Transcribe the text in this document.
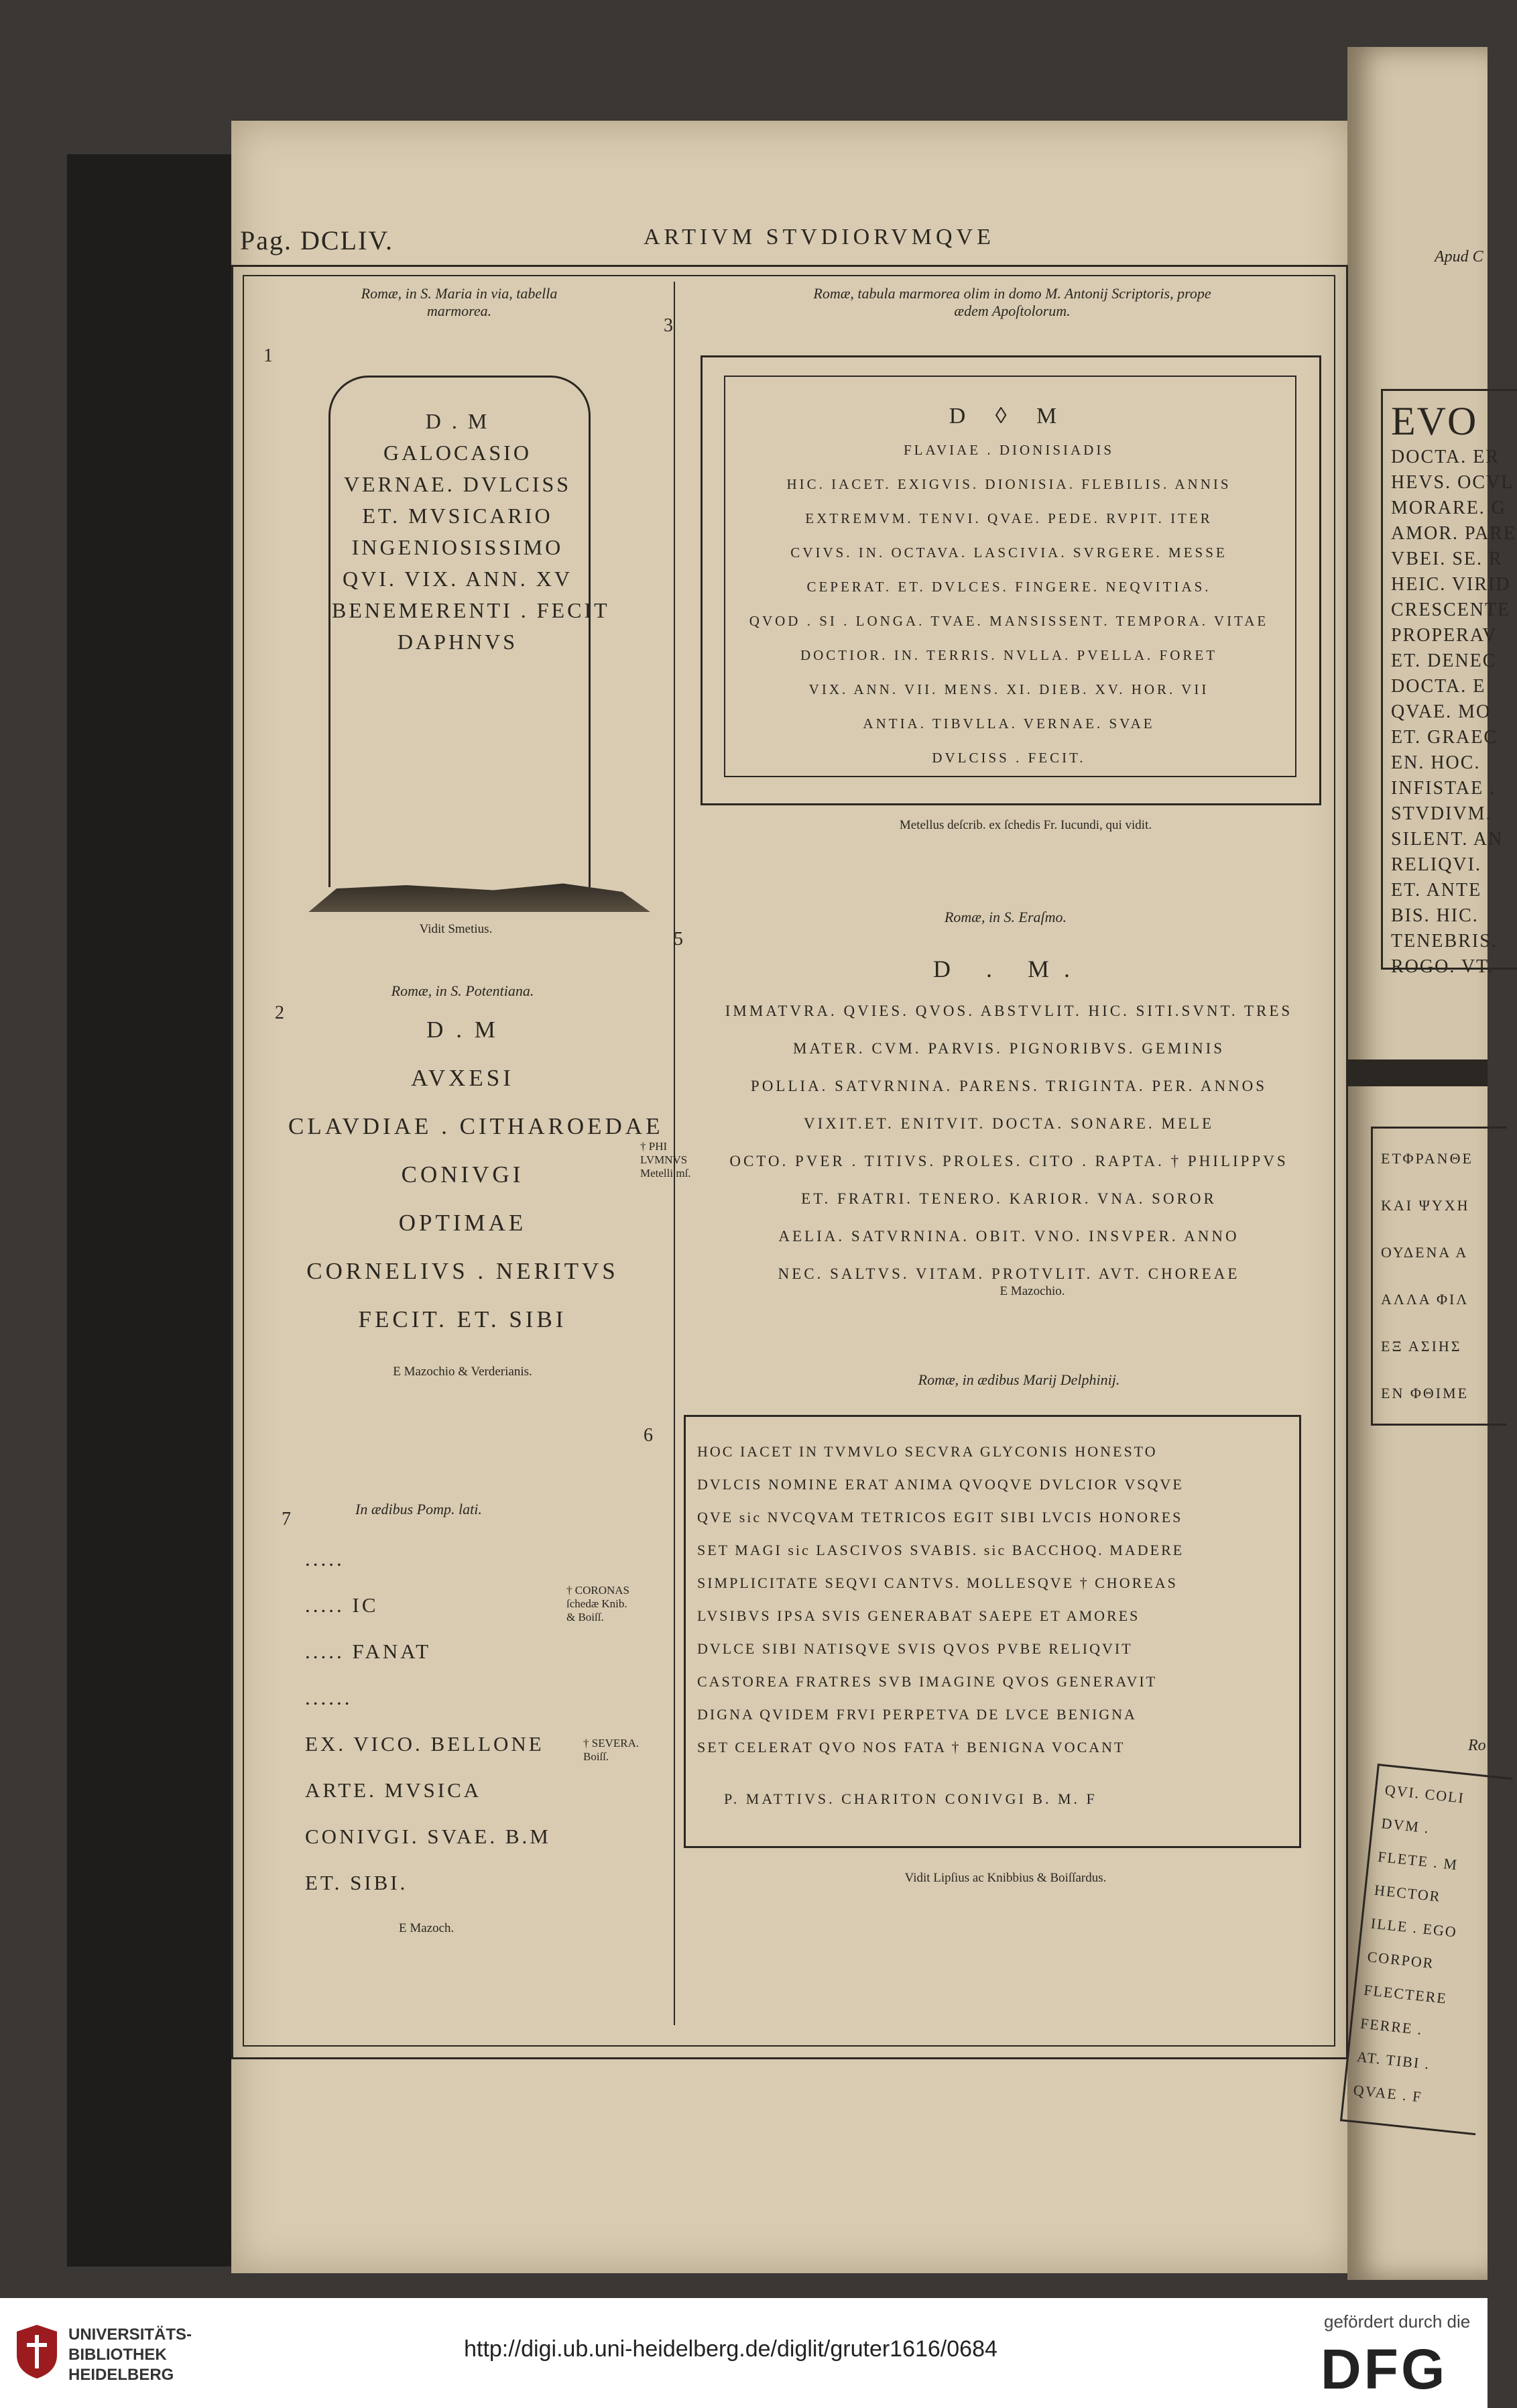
Apud C
EVO
DOCTA. ER
HEVS. OCVL
MORARE. G
AMOR. PARE
VBEI. SE. R
HEIC. VIRID
CRESCENTE
PROPERAV
ET. DENEC
DOCTA. E
QVAE. MO
ET. GRAEC
EN. HOC.
INFISTAE .
STVDIVM.
SILENT. AN
RELIQVI.
ET. ANTE
BIS. HIC.
TENEBRIS.
ROGO. VT.
ΕΤΦΡΑΝΘΕ
ΚΑΙ ΨΥΧΗ
ΟΥΔΕΝΑ Α
ΑΛΛΑ ΦΙΛ
ΕΞ ΑΣΙΗΣ
ΕΝ ΦΘΙΜΕ
Ro
QVI. COLI
DVM .
FLETE . M
HECTOR
ILLE . EGO
CORPOR
FLECTERE
FERRE .
AT. TIBI .
QVAE . F
Pag. DCLIV.	ARTIVM STVDIORVMQVE
1
Romæ, in S. Maria in via, tabella
marmorea.
D . M
GALOCASIO
VERNAE. DVLCISS
ET. MVSICARIO
INGENIOSISSIMO
QVI. VIX. ANN. XV
BENEMERENTI . FECIT
DAPHNVS
Vidit Smetius.
2
Romæ, in S. Potentiana.
D . M
AVXESI
CLAVDIAE . CITHAROEDAE
CONIVGI
OPTIMAE
CORNELIVS . NERITVS
FECIT. ET. SIBI
† PHI
LVMNVS
Metelli mſ.
E Mazochio & Verderianis.
3
Romæ, tabula marmorea olim in domo M. Antonij Scriptoris, prope
ædem Apoſtolorum.
D ◊ M
FLAVIAE . DIONISIADIS
HIC. IACET. EXIGVIS. DIONISIA. FLEBILIS. ANNIS
EXTREMVM. TENVI. QVAE. PEDE. RVPIT. ITER
CVIVS. IN. OCTAVA. LASCIVIA. SVRGERE. MESSE
CEPERAT. ET. DVLCES. FINGERE. NEQVITIAS.
QVOD . SI . LONGA. TVAE. MANSISSENT. TEMPORA. VITAE
DOCTIOR. IN. TERRIS. NVLLA. PVELLA. FORET
VIX. ANN. VII. MENS. XI. DIEB. XV. HOR. VII
ANTIA. TIBVLLA. VERNAE. SVAE
DVLCISS . FECIT.
Metellus deſcrib. ex ſchedis Fr. Iucundi, qui vidit.
5
Romæ, in S. Eraſmo.
D . M.
IMMATVRA. QVIES. QVOS. ABSTVLIT. HIC. SITI.SVNT. TRES
MATER. CVM. PARVIS. PIGNORIBVS. GEMINIS
POLLIA. SATVRNINA. PARENS. TRIGINTA. PER. ANNOS
VIXIT.ET. ENITVIT. DOCTA. SONARE. MELE
OCTO. PVER . TITIVS. PROLES. CITO . RAPTA. † PHILIPPVS
ET. FRATRI. TENERO. KARIOR. VNA. SOROR
AELIA. SATVRNINA. OBIT. VNO. INSVPER. ANNO
NEC. SALTVS. VITAM. PROTVLIT. AVT. CHOREAE
E Mazochio.
6
Romæ, in ædibus Marij Delphinij.
HOC IACET IN TVMVLO SECVRA GLYCONIS HONESTO
DVLCIS NOMINE ERAT ANIMA QVOQVE DVLCIOR VSQVE
QVE sic NVCQVAM TETRICOS EGIT SIBI LVCIS HONORES
SET MAGI sic LASCIVOS SVABIS. sic BACCHOQ. MADERE
SIMPLICITATE SEQVI CANTVS. MOLLESQVE † CHOREAS
LVSIBVS IPSA SVIS GENERABAT SAEPE ET AMORES
DVLCE SIBI NATISQVE SVIS QVOS PVBE RELIQVIT
CASTOREA FRATRES SVB IMAGINE QVOS GENERAVIT
DIGNA QVIDEM FRVI PERPETVA DE LVCE BENIGNA
SET CELERAT QVO NOS FATA † BENIGNA VOCANT
P. MATTIVS. CHARITON CONIVGI B. M. F
Vidit Lipſius ac Knibbius & Boiſſardus.
7	In ædibus Pomp. lati.
.....
..... IC
..... FANAT
......
EX. VICO. BELLONE
ARTE. MVSICA
CONIVGI. SVAE. B.M
ET. SIBI.
† CORONAS
ſchedæ Knib.
& Boiſſ.
† SEVERA.
Boiſſ.
E Mazoch.
UNIVERSITÄTS-
BIBLIOTHEK
HEIDELBERG
http://digi.ub.uni-heidelberg.de/diglit/gruter1616/0684
gefördert durch die
DFG
